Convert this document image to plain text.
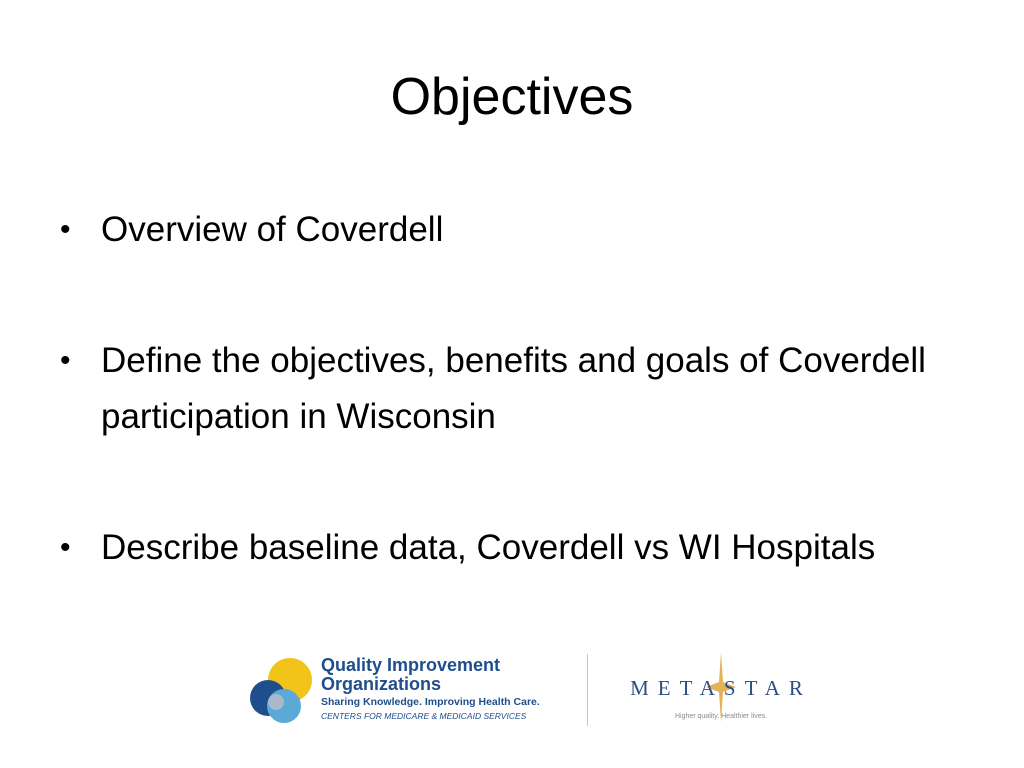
Objectives
• Overview of Coverdell
• Define the objectives, benefits and goals of Coverdell participation in Wisconsin
• Describe baseline data, Coverdell vs WI Hospitals
Quality Improvement
Organizations
Sharing Knowledge. Improving Health Care.
CENTERS FOR MEDICARE & MEDICAID SERVICES
METASTAR
Higher quality. Healthier lives.
